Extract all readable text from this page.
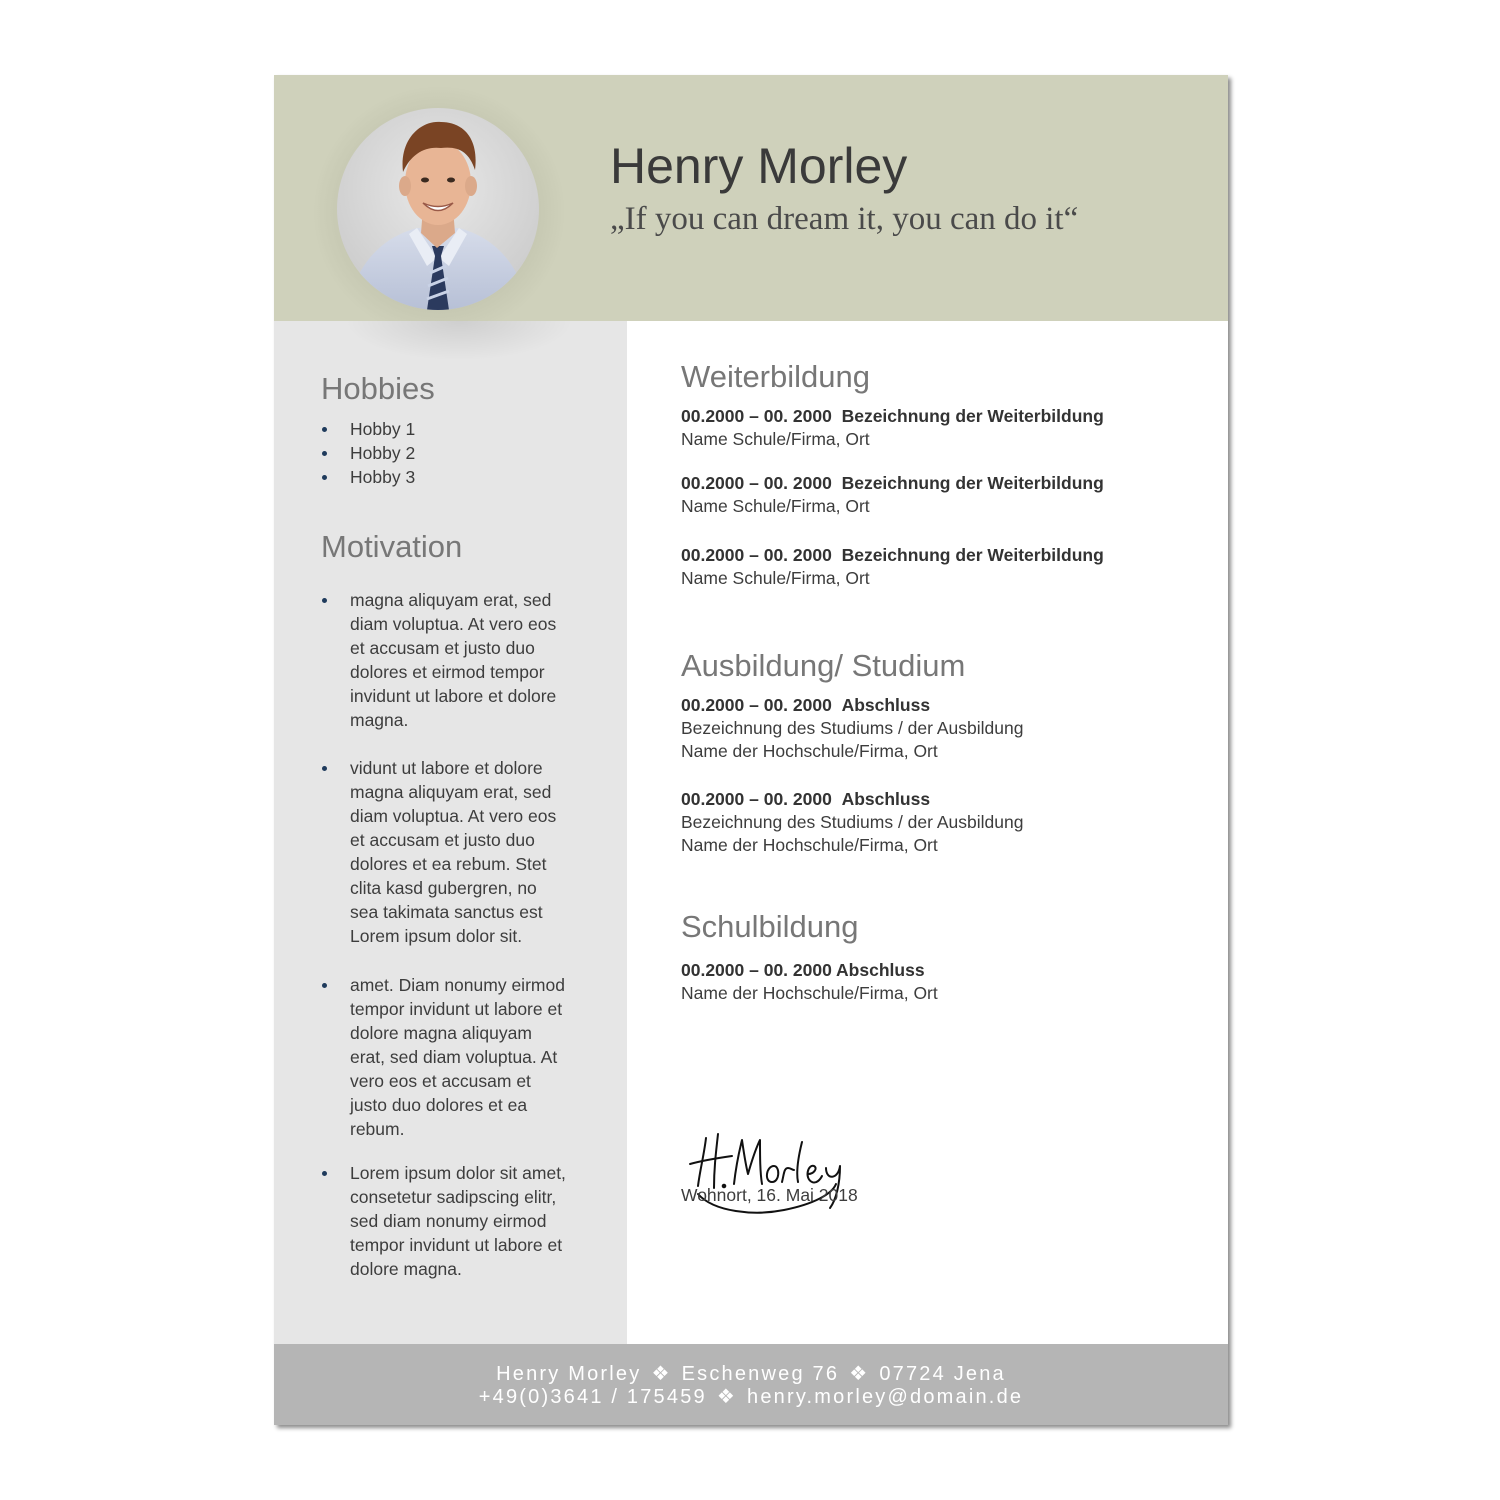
Henry Morley
„If you can dream it, you can do it“
Hobbies
Hobby 1
Hobby 2
Hobby 3
Motivation
magna aliquyam erat, sed
diam voluptua. At vero eos
et accusam et justo duo
dolores et eirmod tempor
invidunt ut labore et dolore
magna.
vidunt ut labore et dolore
magna aliquyam erat, sed
diam voluptua. At vero eos
et accusam et justo duo
dolores et ea rebum. Stet
clita kasd gubergren, no
sea takimata sanctus est
Lorem ipsum dolor sit.
amet. Diam nonumy eirmod
tempor invidunt ut labore et
dolore magna aliquyam
erat, sed diam voluptua. At
vero eos et accusam et
justo duo dolores et ea
rebum.
Lorem ipsum dolor sit amet,
consetetur sadipscing elitr,
sed diam nonumy eirmod
tempor invidunt ut labore et
dolore magna.
Weiterbildung
00.2000 – 00. 2000 Bezeichnung der Weiterbildung
Name Schule/Firma, Ort
00.2000 – 00. 2000 Bezeichnung der Weiterbildung
Name Schule/Firma, Ort
00.2000 – 00. 2000 Bezeichnung der Weiterbildung
Name Schule/Firma, Ort
Ausbildung/ Studium
00.2000 – 00. 2000 Abschluss
Bezeichnung des Studiums / der Ausbildung
Name der Hochschule/Firma, Ort
00.2000 – 00. 2000 Abschluss
Bezeichnung des Studiums / der Ausbildung
Name der Hochschule/Firma, Ort
Schulbildung
00.2000 – 00. 2000 Abschluss
Name der Hochschule/Firma, Ort
Wohnort, 16. Mai 2018
Henry Morley ❖ Eschenweg 76 ❖ 07724 Jena
+49(0)3641 / 175459 ❖ henry.morley@domain.de
